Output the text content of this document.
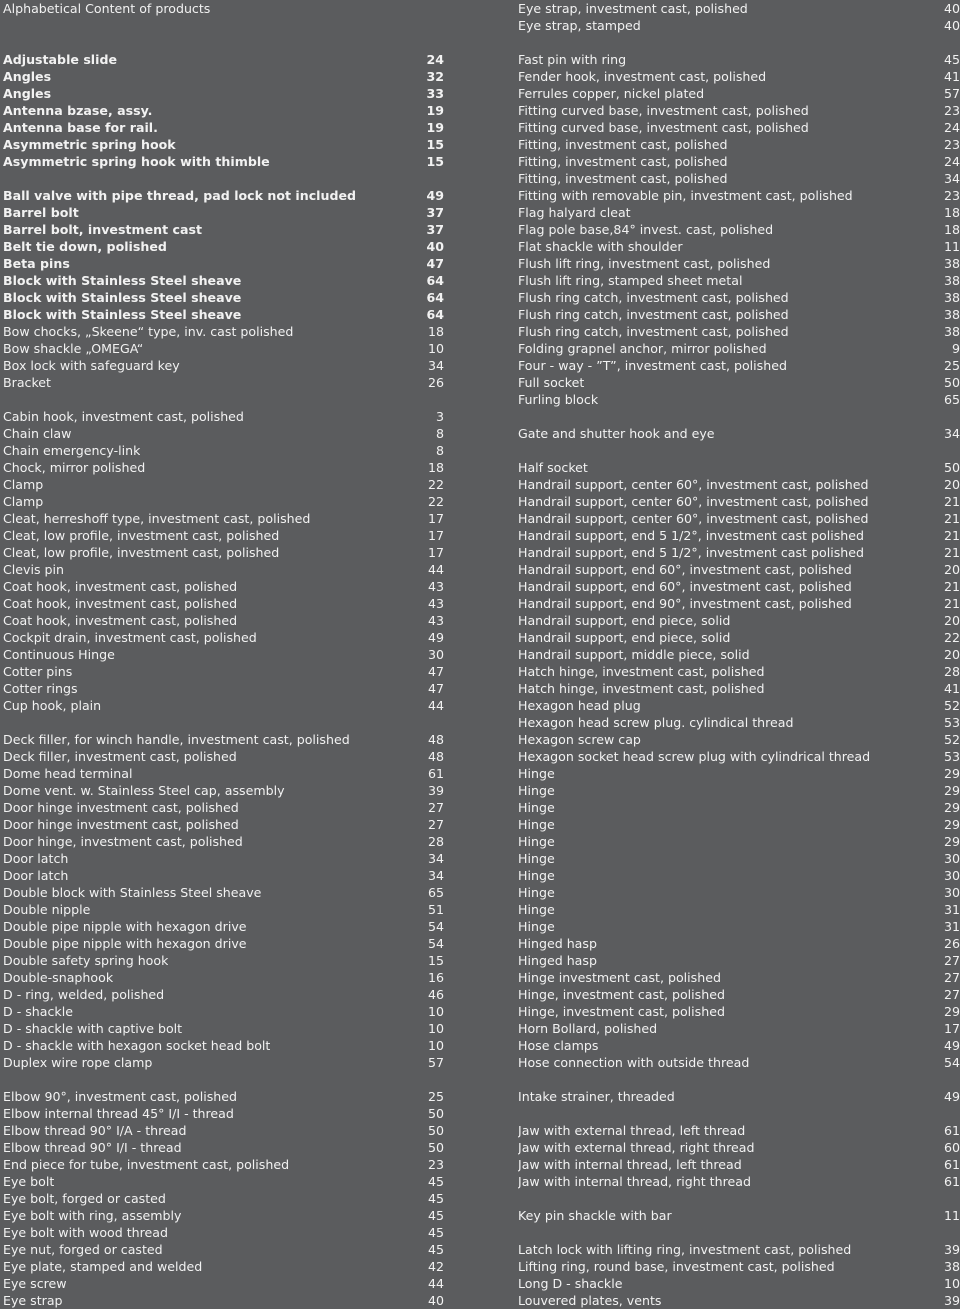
Alphabetical Content of products
Adjustable slide	24
Angles	32
Angles	33
Antenna bzase, assy.	19
Antenna base for rail.	19
Asymmetric spring hook	15
Asymmetric spring hook with thimble	15
Ball valve with pipe thread, pad lock not included	49
Barrel bolt	37
Barrel bolt, investment cast	37
Belt tie down, polished	40
Beta pins	47
Block with Stainless Steel sheave	64
Block with Stainless Steel sheave	64
Block with Stainless Steel sheave	64
Bow chocks, „Skeene“ type, inv. cast polished	18
Bow shackle „OMEGA“	10
Box lock with safeguard key	34
Bracket	26
Cabin hook, investment cast, polished	3
Chain claw	8
Chain emergency-link	8
Chock, mirror polished	18
Clamp	22
Clamp	22
Cleat, herreshoff type, investment cast, polished	17
Cleat, low profile, investment cast, polished	17
Cleat, low profile, investment cast, polished	17
Clevis pin	44
Coat hook, investment cast, polished	43
Coat hook, investment cast, polished	43
Coat hook, investment cast, polished	43
Cockpit drain, investment cast, polished	49
Continuous Hinge	30
Cotter pins	47
Cotter rings	47
Cup hook, plain	44
Deck filler, for winch handle, investment cast, polished	48
Deck filler, investment cast, polished	48
Dome head terminal	61
Dome vent. w. Stainless Steel cap, assembly	39
Door hinge investment cast, polished	27
Door hinge investment cast, polished	27
Door hinge, investment cast, polished	28
Door latch	34
Door latch	34
Double block with Stainless Steel sheave	65
Double nipple	51
Double pipe nipple with hexagon drive	54
Double pipe nipple with hexagon drive	54
Double safety spring hook	15
Double-snaphook	16
D - ring, welded, polished	46
D - shackle	10
D - shackle with captive bolt	10
D - shackle with hexagon socket head bolt	10
Duplex wire rope clamp	57
Elbow 90°, investment cast, polished	25
Elbow internal thread 45° I/I - thread	50
Elbow thread 90° I/A - thread	50
Elbow thread 90° I/I - thread	50
End piece for tube, investment cast, polished	23
Eye bolt	45
Eye bolt, forged or casted	45
Eye bolt with ring, assembly	45
Eye bolt with wood thread	45
Eye nut, forged or casted	45
Eye plate, stamped and welded	42
Eye screw	44
Eye strap	40
Eye strap, investment cast, polished	40
Eye strap, stamped	40
Fast pin with ring	45
Fender hook, investment cast, polished	41
Ferrules copper, nickel plated	57
Fitting curved base, investment cast, polished	23
Fitting curved base, investment cast, polished	24
Fitting, investment cast, polished	23
Fitting, investment cast, polished	24
Fitting, investment cast, polished	34
Fitting with removable pin, investment cast, polished	23
Flag halyard cleat	18
Flag pole base,84° invest. cast, polished	18
Flat shackle with shoulder	11
Flush lift ring, investment cast, polished	38
Flush lift ring, stamped sheet metal	38
Flush ring catch, investment cast, polished	38
Flush ring catch, investment cast, polished	38
Flush ring catch, investment cast, polished	38
Folding grapnel anchor, mirror polished	9
Four - way - ”T”, investment cast, polished	25
Full socket	50
Furling block	65
Gate and shutter hook and eye	34
Half socket	50
Handrail support, center 60°, investment cast, polished	20
Handrail support, center 60°, investment cast, polished	21
Handrail support, center 60°, investment cast, polished	21
Handrail support, end 5 1/2°, investment cast polished	21
Handrail support, end 5 1/2°, investment cast polished	21
Handrail support, end 60°, investment cast, polished	20
Handrail support, end 60°, investment cast, polished	21
Handrail support, end 90°, investment cast, polished	21
Handrail support, end piece, solid	20
Handrail support, end piece, solid	22
Handrail support, middle piece, solid	20
Hatch hinge, investment cast, polished	28
Hatch hinge, investment cast, polished	41
Hexagon head plug	52
Hexagon head screw plug. cylindical thread	53
Hexagon screw cap	52
Hexagon socket head screw plug with cylindrical thread	53
Hinge	29
Hinge	29
Hinge	29
Hinge	29
Hinge	29
Hinge	30
Hinge	30
Hinge	30
Hinge	31
Hinge	31
Hinged hasp	26
Hinged hasp	27
Hinge investment cast, polished	27
Hinge, investment cast, polished	27
Hinge, investment cast, polished	29
Horn Bollard, polished	17
Hose clamps	49
Hose connection with outside thread	54
Intake strainer, threaded	49
Jaw with external thread, left thread	61
Jaw with external thread, right thread	60
Jaw with internal thread, left thread	61
Jaw with internal thread, right thread	61
Key pin shackle with bar	11
Latch lock with lifting ring, investment cast, polished	39
Lifting ring, round base, investment cast, polished	38
Long D - shackle	10
Louvered plates, vents	39
